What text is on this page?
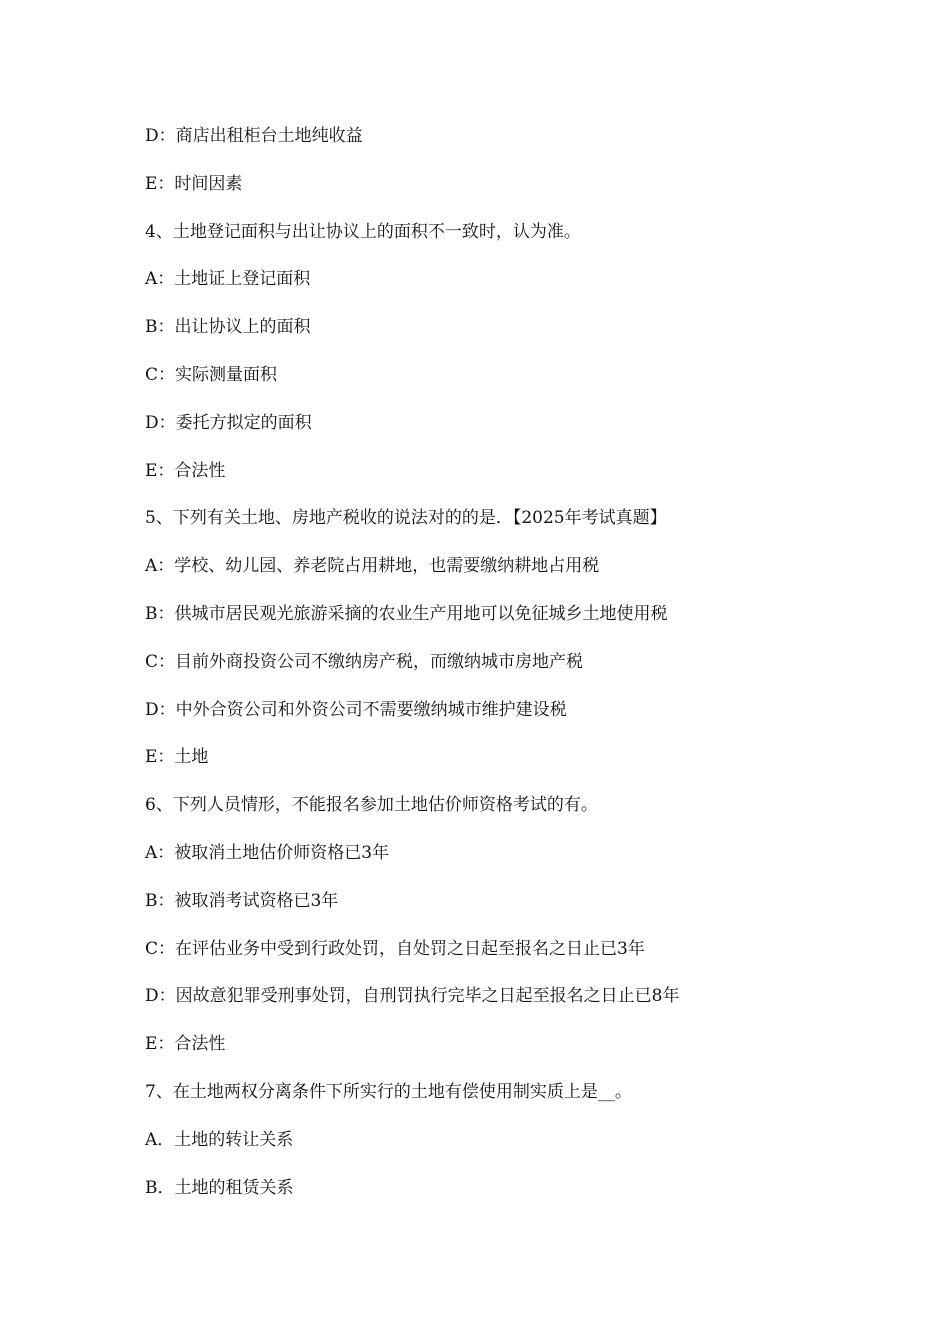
D：商店出租柜台土地纯收益
E：时间因素
4、土地登记面积与出让协议上的面积不一致时，认为准。
A：土地证上登记面积
B：出让协议上的面积
C：实际测量面积
D：委托方拟定的面积
E：合法性
5、下列有关土地、房地产税收的说法对的的是．【2025年考试真题】
A：学校、幼儿园、养老院占用耕地，也需要缴纳耕地占用税
B：供城市居民观光旅游采摘的农业生产用地可以免征城乡土地使用税
C：目前外商投资公司不缴纳房产税，而缴纳城市房地产税
D：中外合资公司和外资公司不需要缴纳城市维护建设税
E：土地
6、下列人员情形，不能报名参加土地估价师资格考试的有。
A：被取消土地估价师资格已3年
B：被取消考试资格已3年
C：在评估业务中受到行政处罚，自处罚之日起至报名之日止已3年
D：因故意犯罪受刑事处罚，自刑罚执行完毕之日起至报名之日止已8年
E：合法性
7、在土地两权分离条件下所实行的土地有偿使用制实质上是__。
A．土地的转让关系
B．土地的租赁关系
